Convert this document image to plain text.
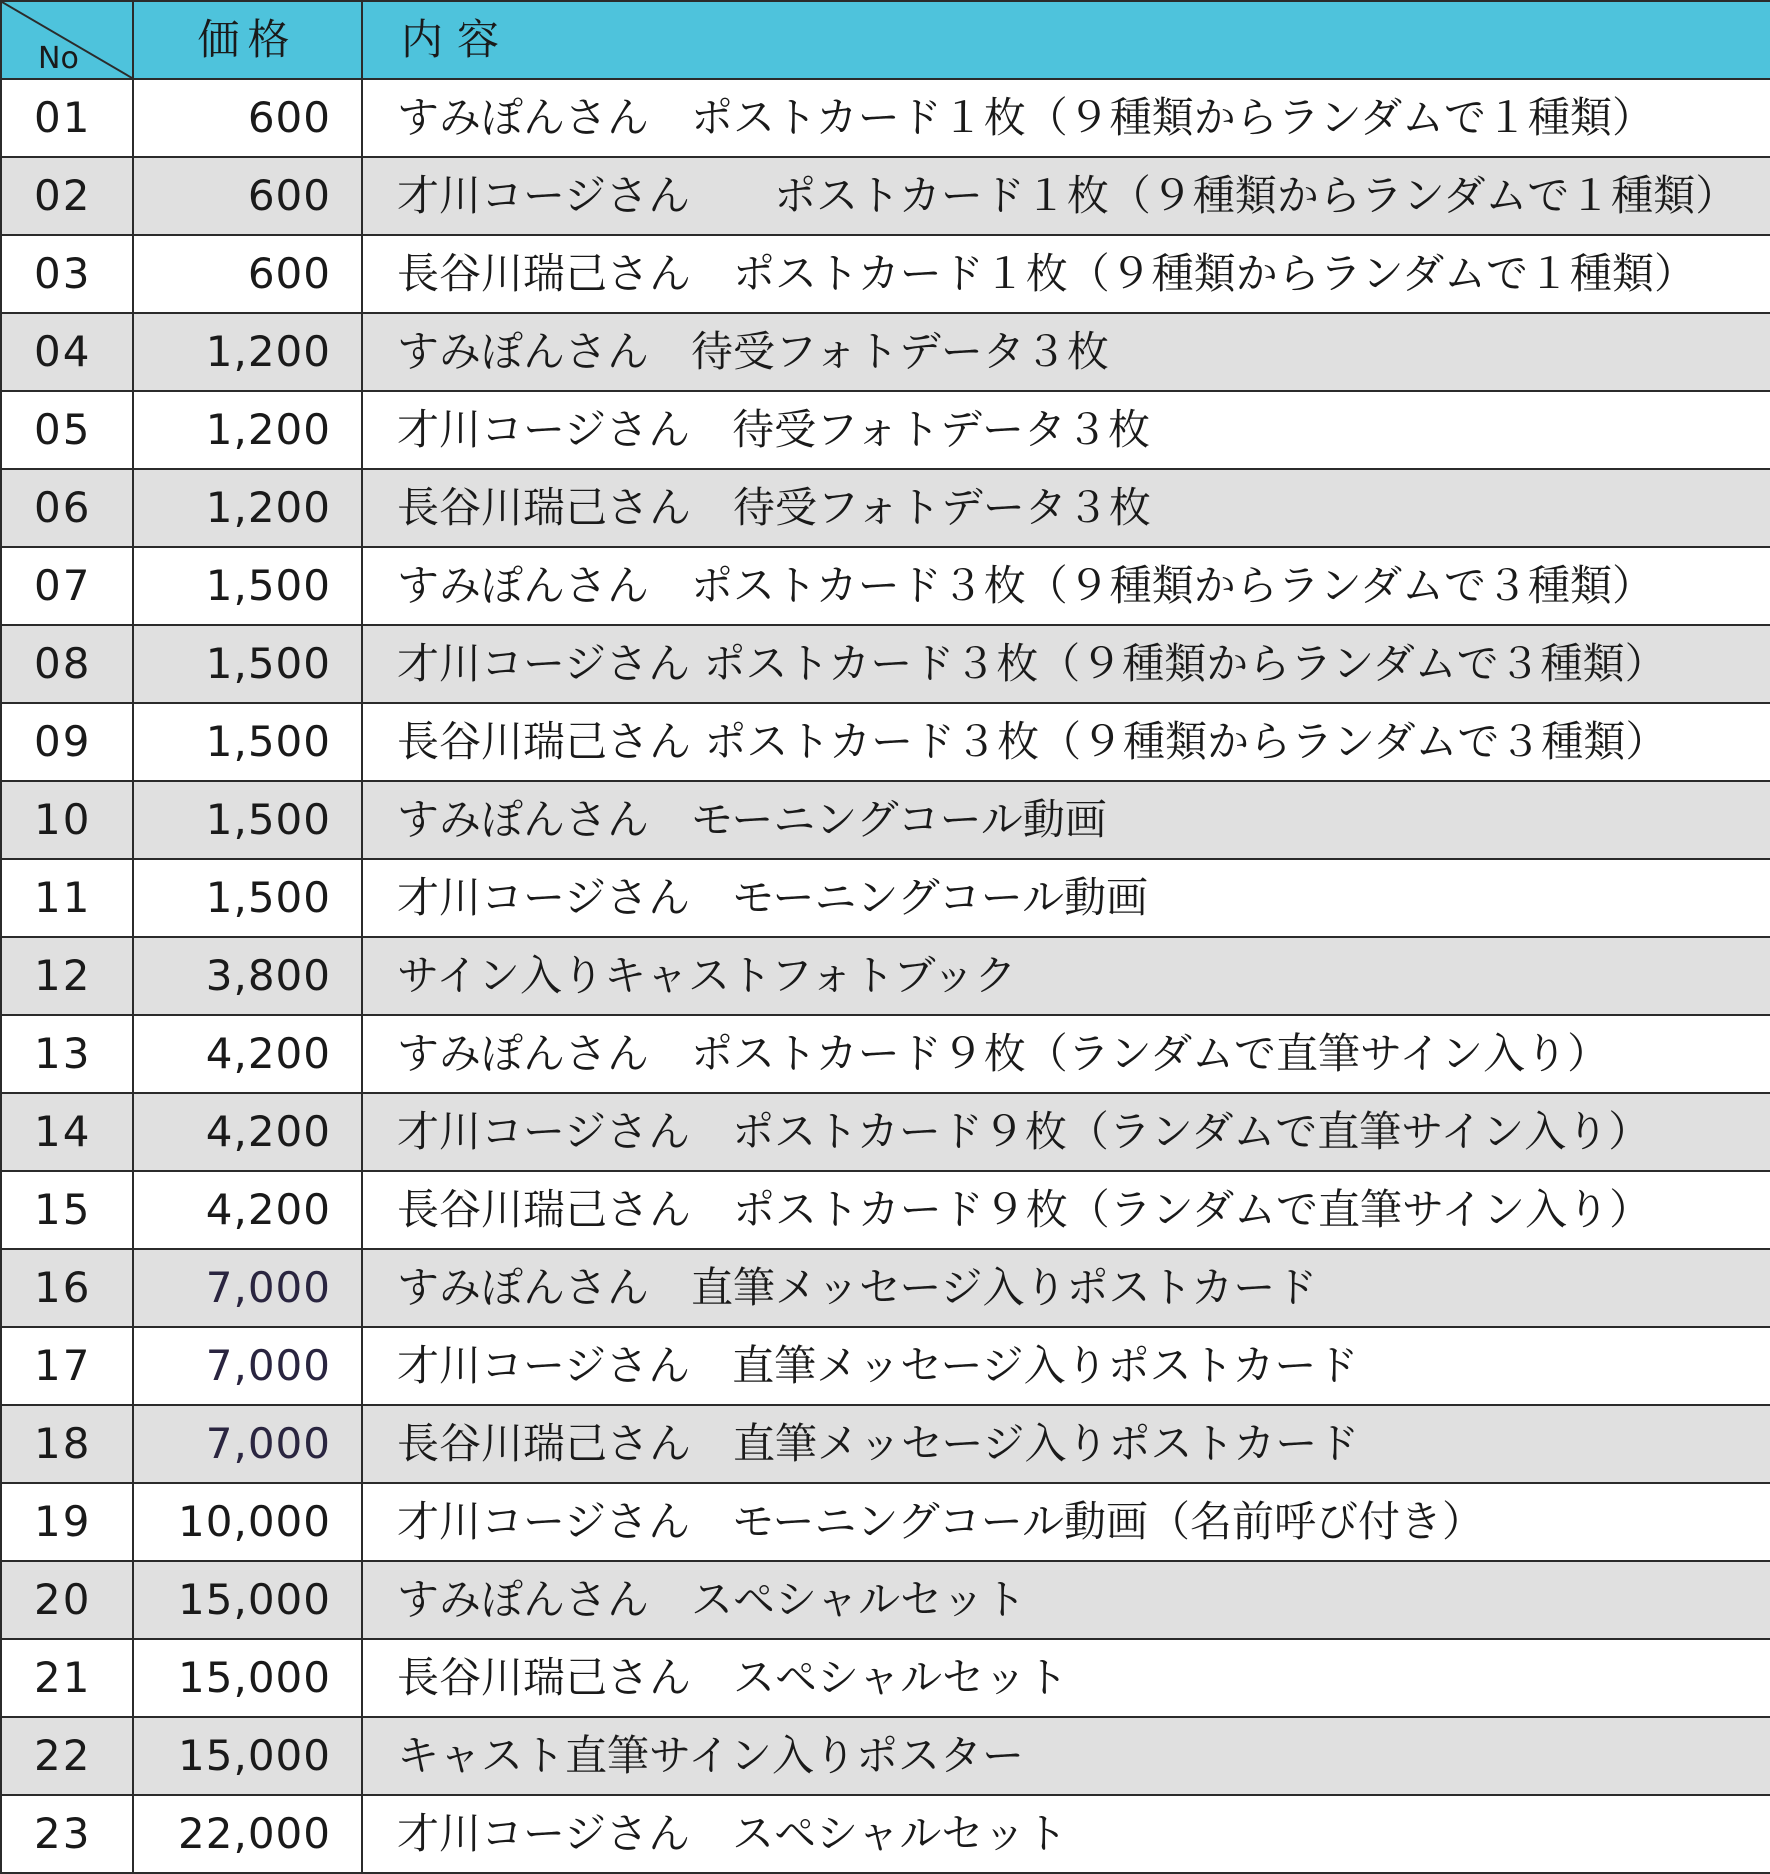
No	価格	内容
01	600	すみぽんさん　ポストカード１枚（９種類からランダムで１種類）
02	600	才川コージさん　　ポストカード１枚（９種類からランダムで１種類）
03	600	長谷川瑞己さん　ポストカード１枚（９種類からランダムで１種類）
04	1,200	すみぽんさん　待受フォトデータ３枚
05	1,200	才川コージさん　待受フォトデータ３枚
06	1,200	長谷川瑞己さん　待受フォトデータ３枚
07	1,500	すみぽんさん　ポストカード３枚（９種類からランダムで３種類）
08	1,500	才川コージさん ポストカード３枚（９種類からランダムで３種類）
09	1,500	長谷川瑞己さん ポストカード３枚（９種類からランダムで３種類）
10	1,500	すみぽんさん　モーニングコール動画
11	1,500	才川コージさん　モーニングコール動画
12	3,800	サイン入りキャストフォトブック
13	4,200	すみぽんさん　ポストカード９枚（ランダムで直筆サイン入り）
14	4,200	才川コージさん　ポストカード９枚（ランダムで直筆サイン入り）
15	4,200	長谷川瑞己さん　ポストカード９枚（ランダムで直筆サイン入り）
16	7,000	すみぽんさん　直筆メッセージ入りポストカード
17	7,000	才川コージさん　直筆メッセージ入りポストカード
18	7,000	長谷川瑞己さん　直筆メッセージ入りポストカード
19	10,000	才川コージさん　モーニングコール動画（名前呼び付き）
20	15,000	すみぽんさん　スペシャルセット
21	15,000	長谷川瑞己さん　スペシャルセット
22	15,000	キャスト直筆サイン入りポスター
23	22,000	才川コージさん　スペシャルセット
